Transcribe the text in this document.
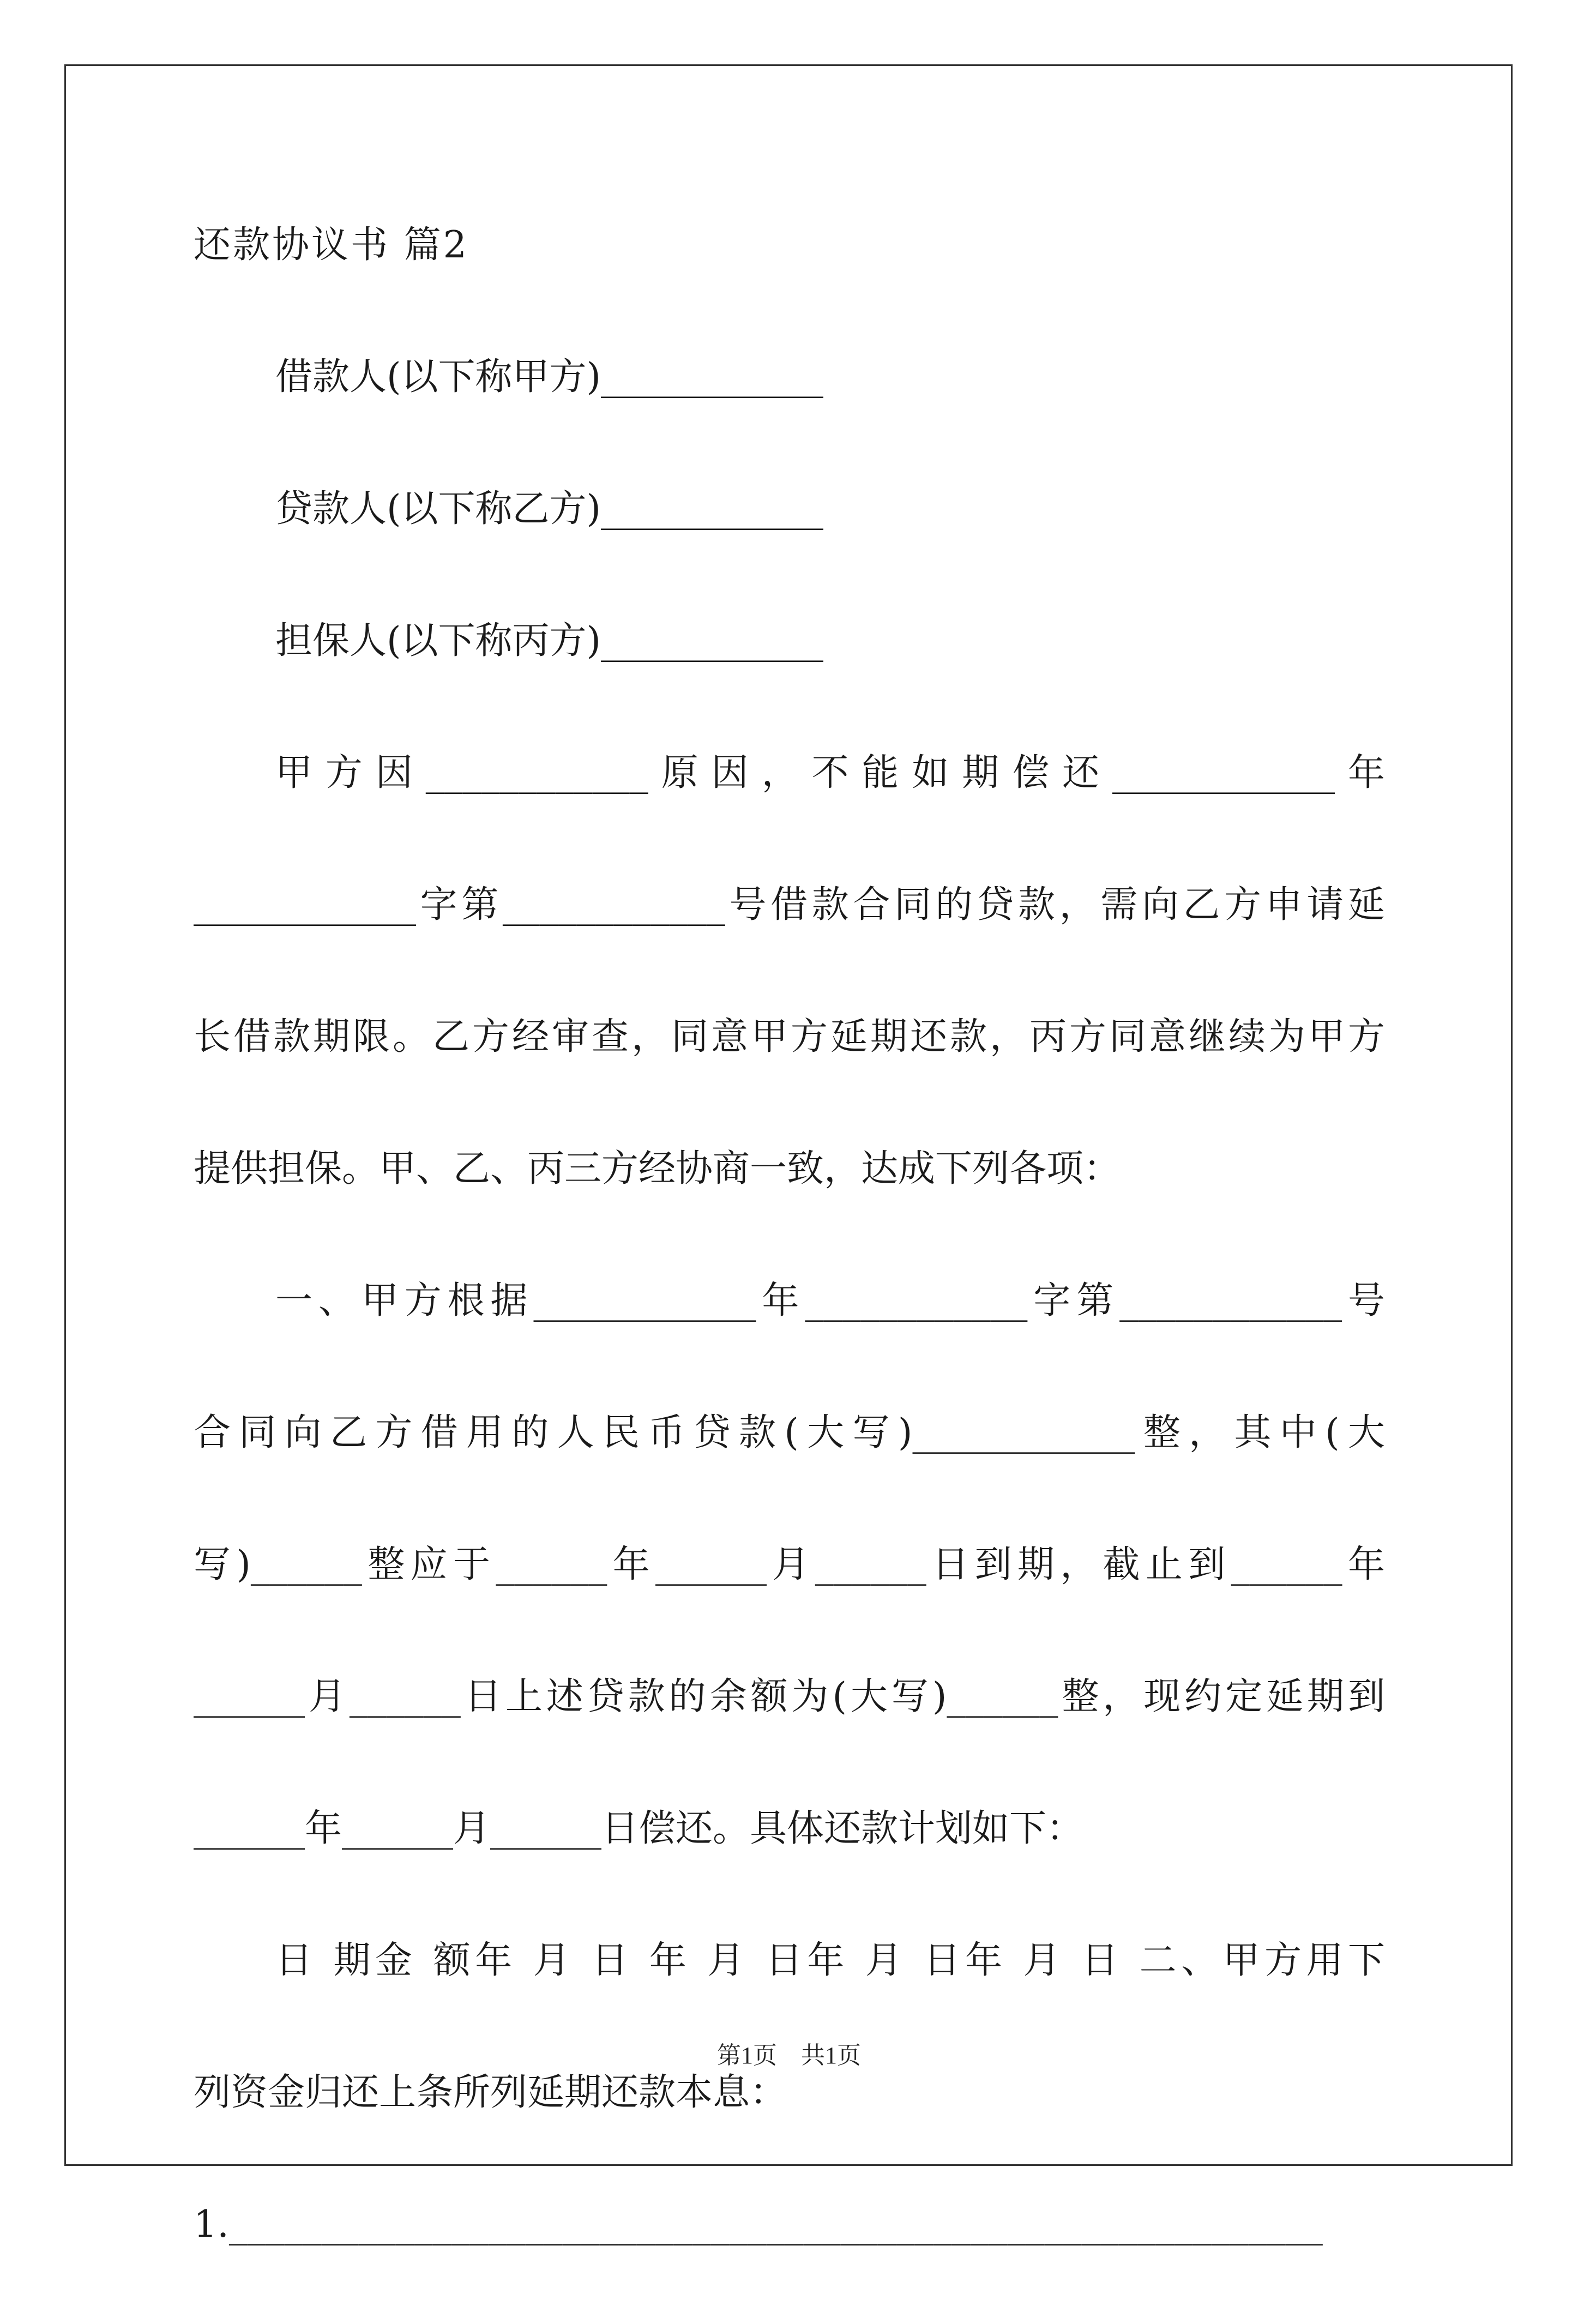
还款协议书 篇2
借款人(以下称甲方)____________
贷款人(以下称乙方)____________
担保人(以下称丙方)____________
甲方因____________原因，不能如期偿还____________年
____________字第____________号借款合同的贷款，需向乙方申请延
长借款期限。乙方经审查，同意甲方延期还款，丙方同意继续为甲方
提供担保。甲、乙、丙三方经协商一致，达成下列各项：
一、甲方根据____________年____________字第____________号
合同向乙方借用的人民币贷款(大写)____________整，其中(大
写)______整应于______年______月______日到期，截止到______年
______月______日上述贷款的余额为(大写)______整，现约定延期到
______年______月______日偿还。具体还款计划如下：
日 期金 额年 月 日 年 月 日年 月 日年 月 日 二、甲方用下
列资金归还上条所列延期还款本息：
1.___________________________________________________________
第1页　共1页
